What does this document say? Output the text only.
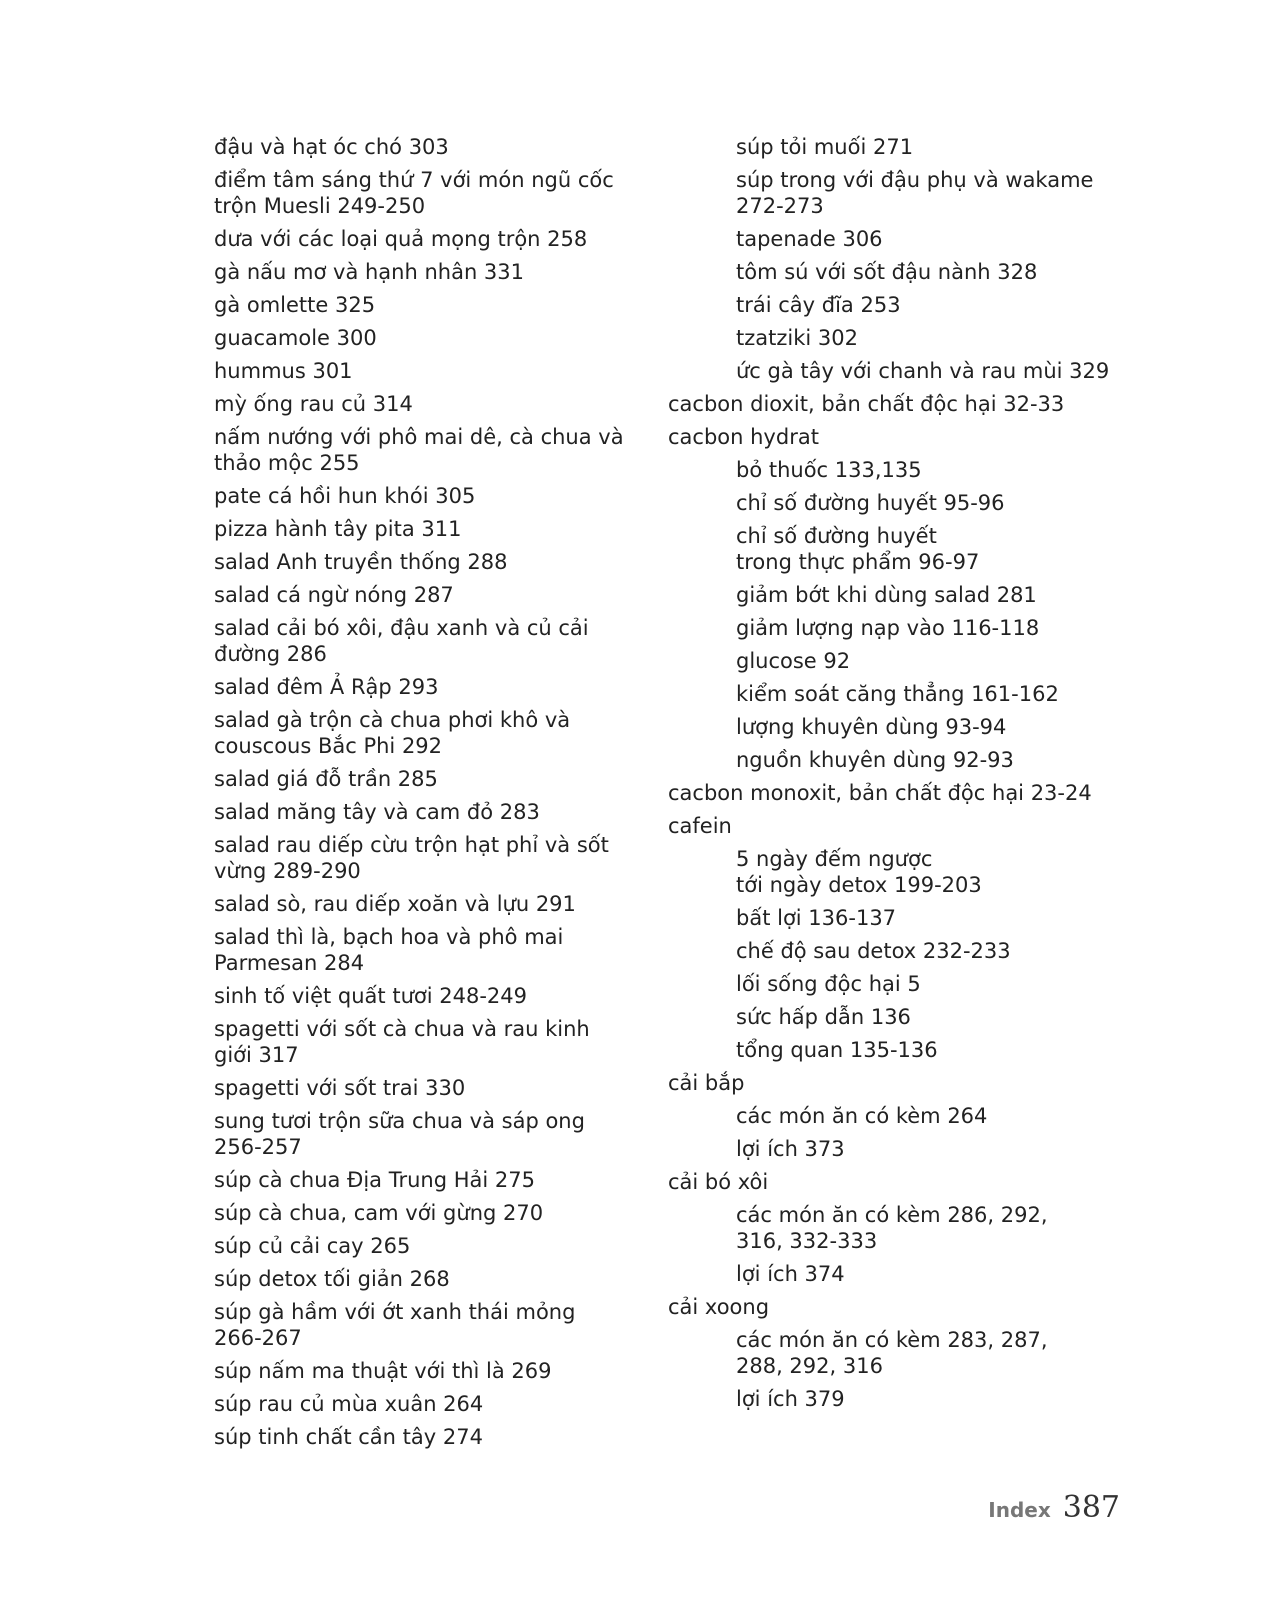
đậu và hạt óc chó 303
điểm tâm sáng thứ 7 với món ngũ cốc
trộn Muesli 249-250
dưa với các loại quả mọng trộn 258
gà nấu mơ và hạnh nhân 331
gà omlette 325
guacamole 300
hummus 301
mỳ ống rau củ 314
nấm nướng với phô mai dê, cà chua và
thảo mộc 255
pate cá hồi hun khói 305
pizza hành tây pita 311
salad Anh truyền thống 288
salad cá ngừ nóng 287
salad cải bó xôi, đậu xanh và củ cải
đường 286
salad đêm Ả Rập 293
salad gà trộn cà chua phơi khô và
couscous Bắc Phi 292
salad giá đỗ trần 285
salad măng tây và cam đỏ 283
salad rau diếp cừu trộn hạt phỉ và sốt
vừng 289-290
salad sò, rau diếp xoăn và lựu 291
salad thì là, bạch hoa và phô mai
Parmesan 284
sinh tố việt quất tươi 248-249
spagetti với sốt cà chua và rau kinh
giới 317
spagetti với sốt trai 330
sung tươi trộn sữa chua và sáp ong
256-257
súp cà chua Địa Trung Hải 275
súp cà chua, cam với gừng 270
súp củ cải cay 265
súp detox tối giản 268
súp gà hầm với ớt xanh thái mỏng
266-267
súp nấm ma thuật với thì là 269
súp rau củ mùa xuân 264
súp tinh chất cần tây 274
súp tỏi muối 271
súp trong với đậu phụ và wakame
272-273
tapenade 306
tôm sú với sốt đậu nành 328
trái cây đĩa 253
tzatziki 302
ức gà tây với chanh và rau mùi 329
cacbon dioxit, bản chất độc hại 32-33
cacbon hydrat
bỏ thuốc 133,135
chỉ số đường huyết 95-96
chỉ số đường huyết
trong thực phẩm 96-97
giảm bớt khi dùng salad 281
giảm lượng nạp vào 116-118
glucose 92
kiểm soát căng thẳng 161-162
lượng khuyên dùng 93-94
nguồn khuyên dùng 92-93
cacbon monoxit, bản chất độc hại 23-24
cafein
5 ngày đếm ngược
tới ngày detox 199-203
bất lợi 136-137
chế độ sau detox 232-233
lối sống độc hại 5
sức hấp dẫn 136
tổng quan 135-136
cải bắp
các món ăn có kèm 264
lợi ích 373
cải bó xôi
các món ăn có kèm 286, 292,
316, 332-333
lợi ích 374
cải xoong
các món ăn có kèm 283, 287,
288, 292, 316
lợi ích 379
Index 387
